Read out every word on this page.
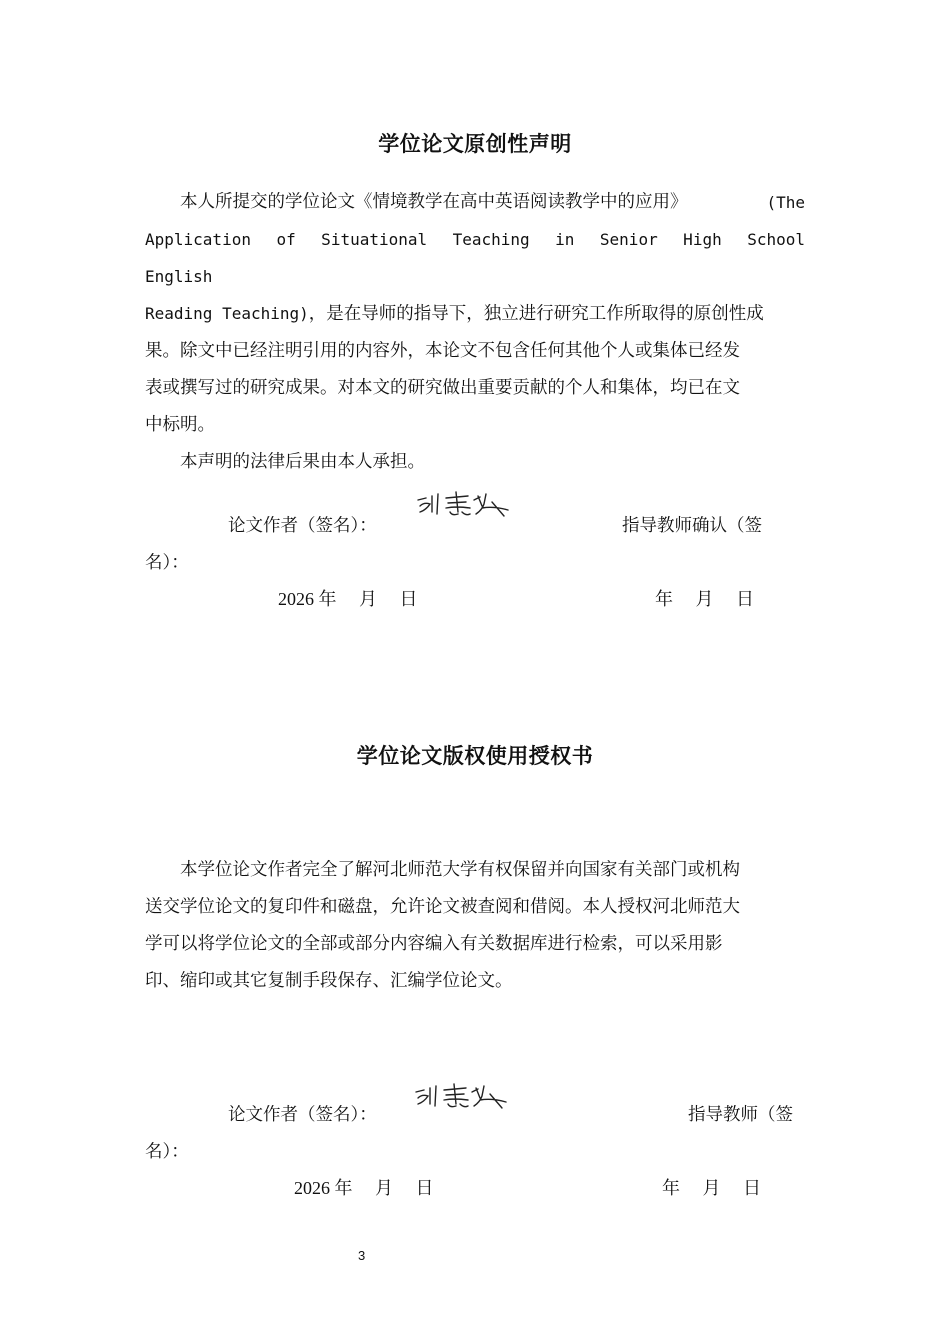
学位论文原创性声明
本人所提交的学位论文《情境教学在高中英语阅读教学中的应用》	(The
Application of Situational Teaching in Senior High School English
Reading Teaching)，是在导师的指导下，独立进行研究工作所取得的原创性成
果。除文中已经注明引用的内容外，本论文不包含任何其他个人或集体已经发
表或撰写过的研究成果。对本文的研究做出重要贡献的个人和集体，均已在文
中标明。
本声明的法律后果由本人承担。
论文作者（签名）：	指导教师确认（签
名）：
2026 年　 月　 日	年　 月　 日
学位论文版权使用授权书
本学位论文作者完全了解河北师范大学有权保留并向国家有关部门或机构
送交学位论文的复印件和磁盘，允许论文被查阅和借阅。本人授权河北师范大
学可以将学位论文的全部或部分内容编入有关数据库进行检索，可以采用影
印、缩印或其它复制手段保存、汇编学位论文。
论文作者（签名）：	指导教师（签
名）：
2026 年　 月　 日	年　 月　 日
3
